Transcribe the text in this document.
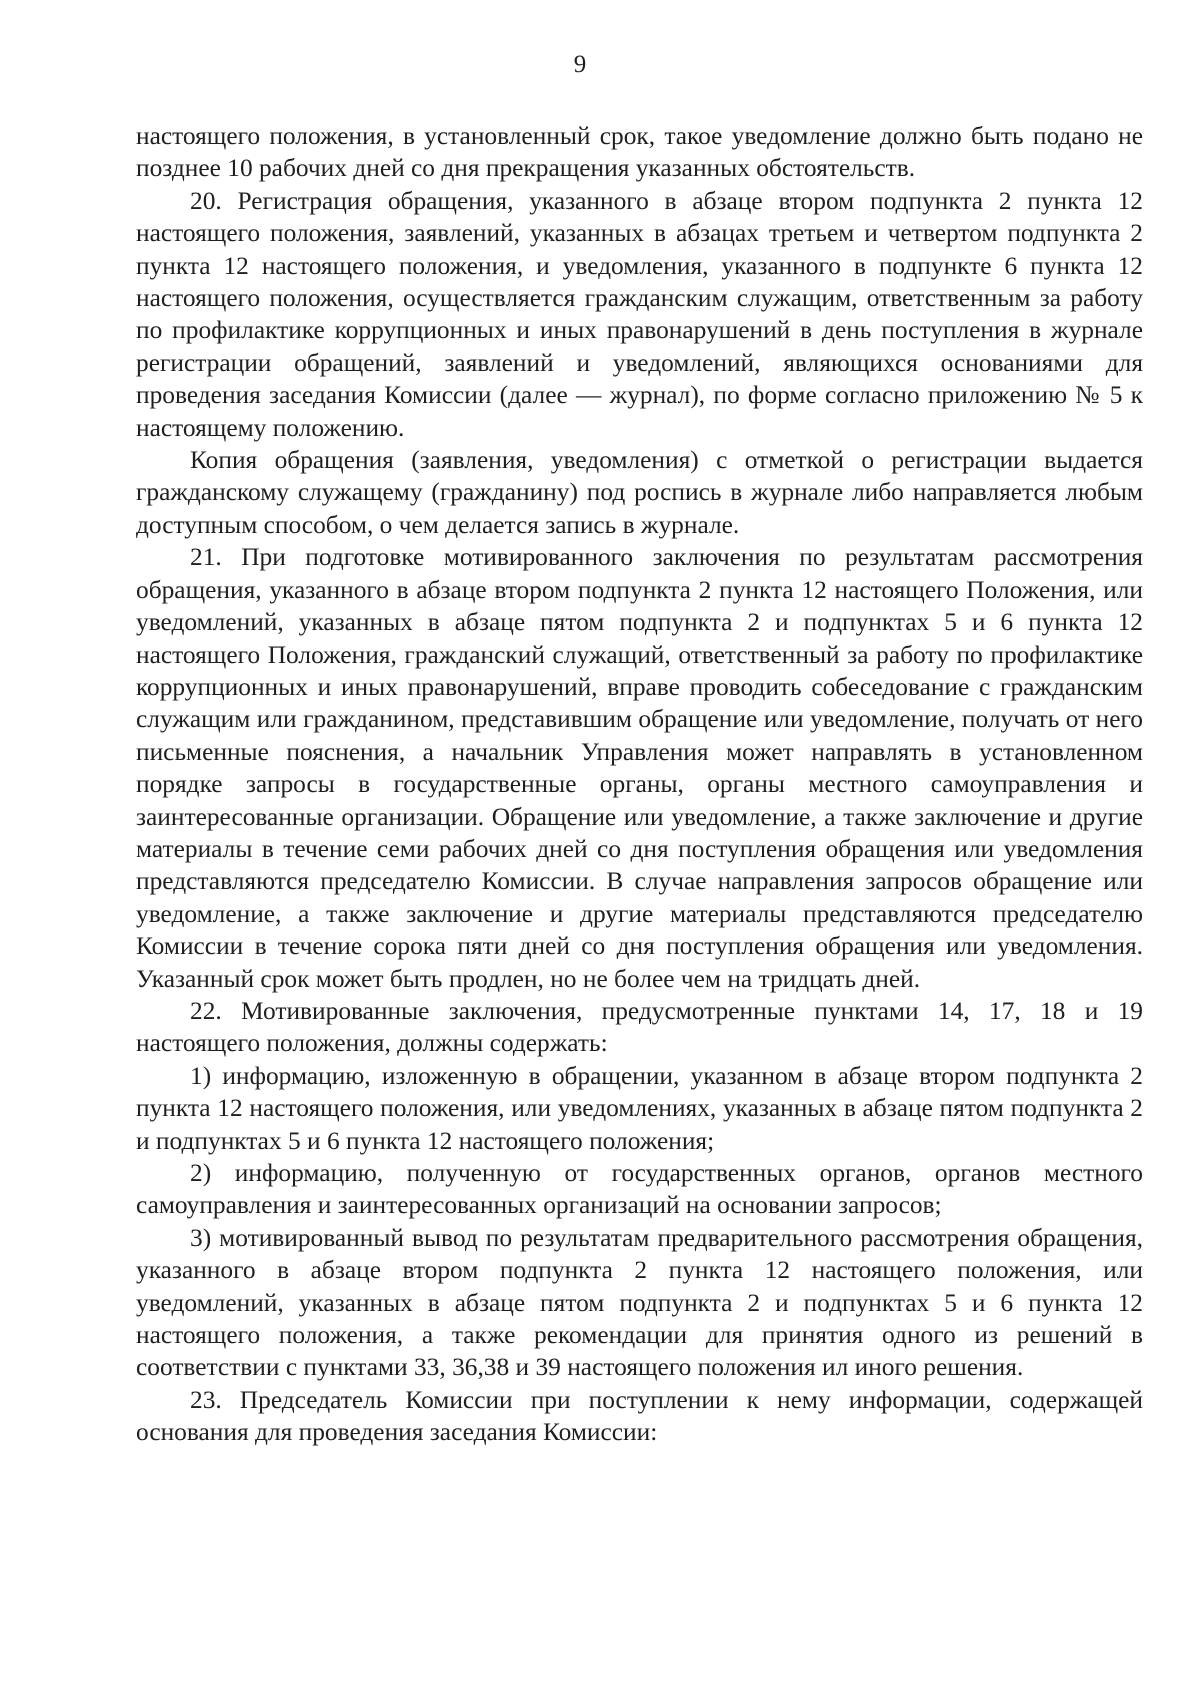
9

настоящего положения, в установленный срок, такое уведомление должно быть подано не позднее 10 рабочих дней со дня прекращения указанных обстоятельств.

20. Регистрация обращения, указанного в абзаце втором подпункта 2 пункта 12 настоящего положения, заявлений, указанных в абзацах третьем и четвертом подпункта 2 пункта 12 настоящего положения, и уведомления, указанного в подпункте 6 пункта 12 настоящего положения, осуществляется гражданским служащим, ответственным за работу по профилактике коррупционных и иных правонарушений в день поступления в журнале регистрации обращений, заявлений и уведомлений, являющихся основаниями для проведения заседания Комиссии (далее — журнал), по форме согласно приложению № 5 к настоящему положению.

Копия обращения (заявления, уведомления) с отметкой о регистрации выдается гражданскому служащему (гражданину) под роспись в журнале либо направляется любым доступным способом, о чем делается запись в журнале.

21. При подготовке мотивированного заключения по результатам рассмотрения обращения, указанного в абзаце втором подпункта 2 пункта 12 настоящего Положения, или уведомлений, указанных в абзаце пятом подпункта 2 и подпунктах 5 и 6 пункта 12 настоящего Положения, гражданский служащий, ответственный за работу по профилактике коррупционных и иных правонарушений, вправе проводить собеседование с гражданским служащим или гражданином, представившим обращение или уведомление, получать от него письменные пояснения, а начальник Управления может направлять в установленном порядке запросы в государственные органы, органы местного самоуправления и заинтересованные организации. Обращение или уведомление, а также заключение и другие материалы в течение семи рабочих дней со дня поступления обращения или уведомления представляются председателю Комиссии. В случае направления запросов обращение или уведомление, а также заключение и другие материалы представляются председателю Комиссии в течение сорока пяти дней со дня поступления обращения или уведомления. Указанный срок может быть продлен, но не более чем на тридцать дней.

22. Мотивированные заключения, предусмотренные пунктами 14, 17, 18 и 19 настоящего положения, должны содержать:

1) информацию, изложенную в обращении, указанном в абзаце втором подпункта 2 пункта 12 настоящего положения, или уведомлениях, указанных в абзаце пятом подпункта 2 и подпунктах 5 и 6 пункта 12 настоящего положения;

2) информацию, полученную от государственных органов, органов местного самоуправления и заинтересованных организаций на основании запросов;

3) мотивированный вывод по результатам предварительного рассмотрения обращения, указанного в абзаце втором подпункта 2 пункта 12 настоящего положения, или уведомлений, указанных в абзаце пятом подпункта 2 и подпунктах 5 и 6 пункта 12 настоящего положения, а также рекомендации для принятия одного из решений в соответствии с пунктами 33, 36,38 и 39 настоящего положения ил иного решения.

23. Председатель Комиссии при поступлении к нему информации, содержащей основания для проведения заседания Комиссии:
